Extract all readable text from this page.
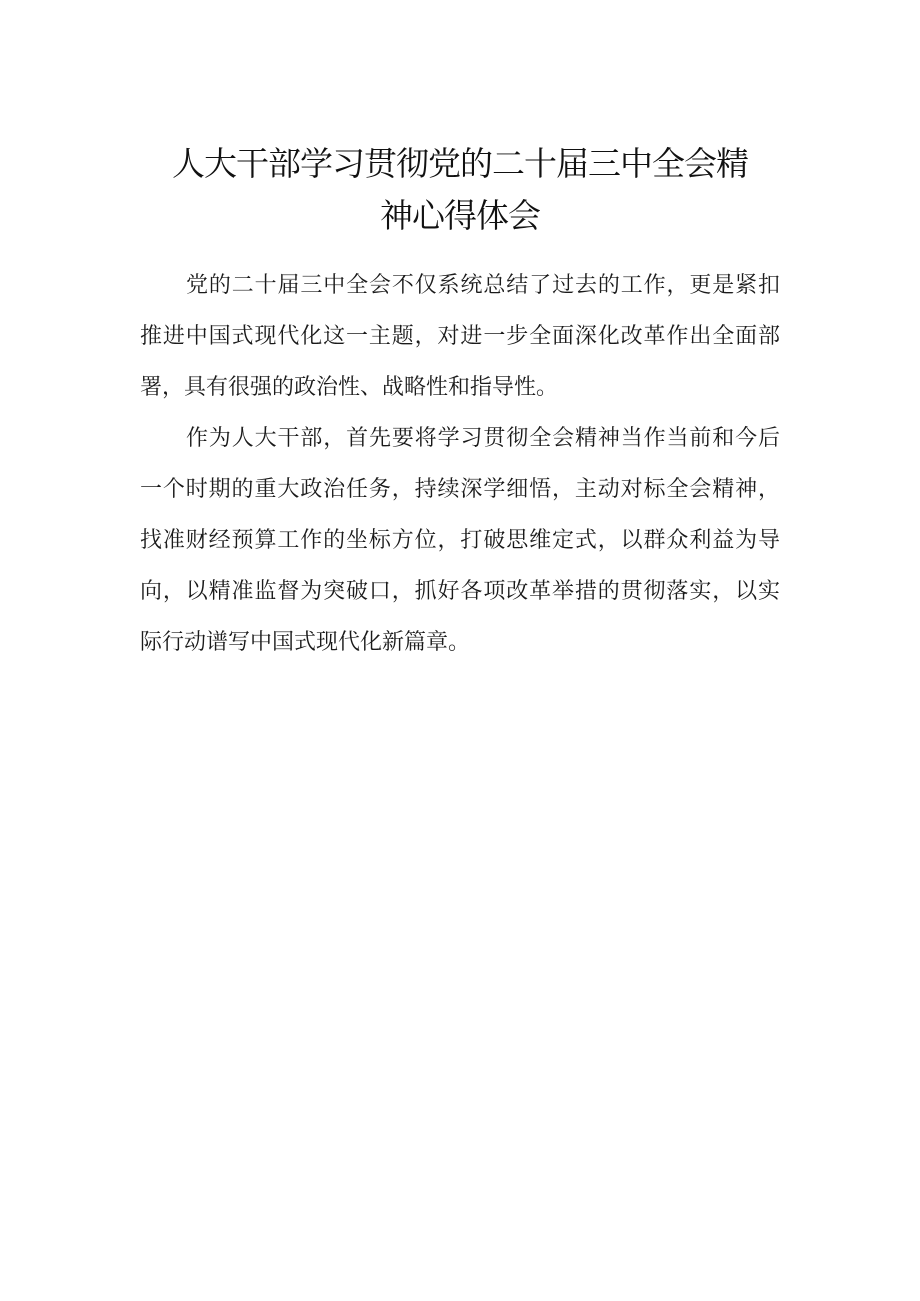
人大干部学习贯彻党的二十届三中全会精
神心得体会
党的二十届三中全会不仅系统总结了过去的工作，更是紧扣
推进中国式现代化这一主题，对进一步全面深化改革作出全面部
署，具有很强的政治性、战略性和指导性。
作为人大干部，首先要将学习贯彻全会精神当作当前和今后
一个时期的重大政治任务，持续深学细悟，主动对标全会精神，
找准财经预算工作的坐标方位，打破思维定式，以群众利益为导
向，以精准监督为突破口，抓好各项改革举措的贯彻落实，以实
际行动谱写中国式现代化新篇章。
